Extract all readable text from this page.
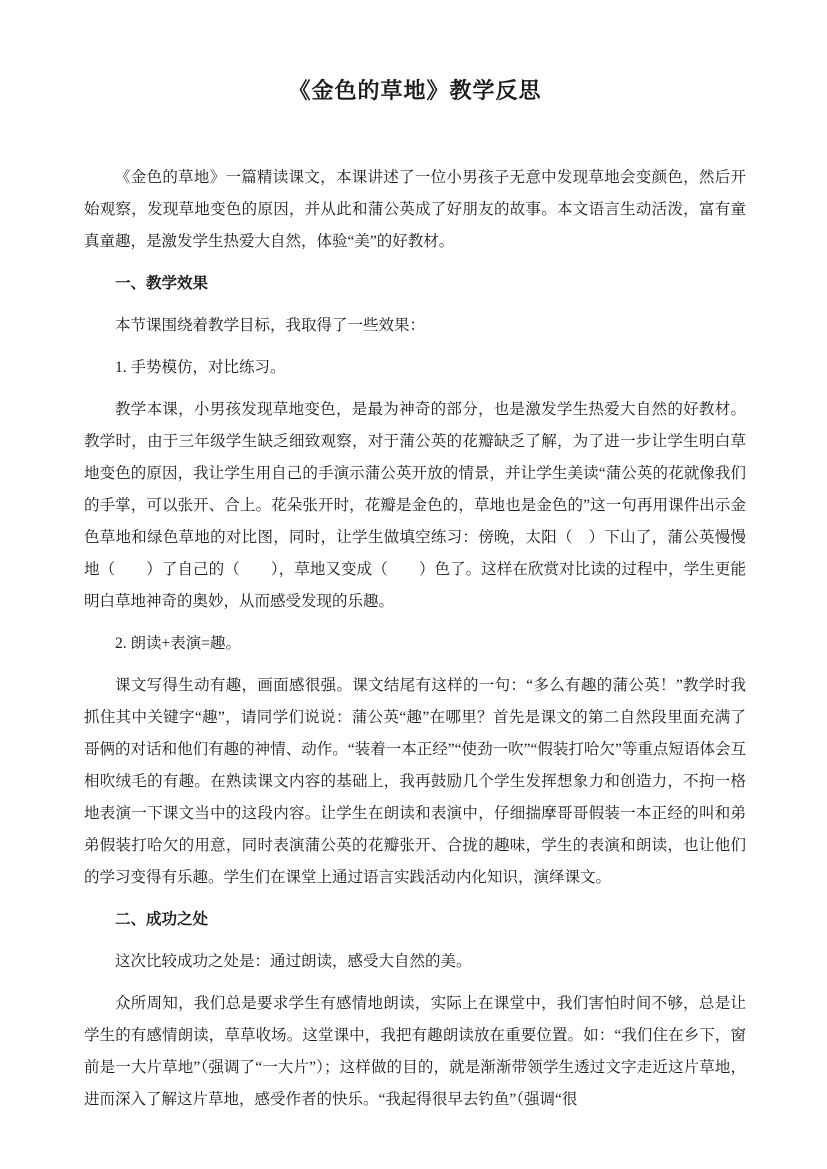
《金色的草地》教学反思

《金色的草地》一篇精读课文，本课讲述了一位小男孩子无意中发现草地会变颜色，然后开始观察，发现草地变色的原因，并从此和蒲公英成了好朋友的故事。本文语言生动活泼，富有童真童趣，是激发学生热爱大自然，体验“美”的好教材。

一、教学效果

本节课围绕着教学目标，我取得了一些效果：

1. 手势模仿，对比练习。

教学本课，小男孩发现草地变色，是最为神奇的部分，也是激发学生热爱大自然的好教材。教学时，由于三年级学生缺乏细致观察，对于蒲公英的花瓣缺乏了解，为了进一步让学生明白草地变色的原因，我让学生用自己的手演示蒲公英开放的情景，并让学生美读“蒲公英的花就像我们的手掌，可以张开、合上。花朵张开时，花瓣是金色的，草地也是金色的”这一句再用课件出示金色草地和绿色草地的对比图，同时，让学生做填空练习：傍晚，太阳（　）下山了，蒲公英慢慢地（　　）了自己的（　　），草地又变成（　　）色了。这样在欣赏对比读的过程中，学生更能明白草地神奇的奥妙，从而感受发现的乐趣。

2. 朗读+表演=趣。

课文写得生动有趣，画面感很强。课文结尾有这样的一句：“多么有趣的蒲公英！”教学时我抓住其中关键字“趣”，请同学们说说：蒲公英“趣”在哪里？首先是课文的第二自然段里面充满了哥俩的对话和他们有趣的神情、动作。“装着一本正经”“使劲一吹”“假装打哈欠”等重点短语体会互相吹绒毛的有趣。在熟读课文内容的基础上，我再鼓励几个学生发挥想象力和创造力，不拘一格地表演一下课文当中的这段内容。让学生在朗读和表演中，仔细揣摩哥哥假装一本正经的叫和弟弟假装打哈欠的用意，同时表演蒲公英的花瓣张开、合拢的趣味，学生的表演和朗读，也让他们的学习变得有乐趣。学生们在课堂上通过语言实践活动内化知识，演绎课文。

二、成功之处

这次比较成功之处是：通过朗读，感受大自然的美。

众所周知，我们总是要求学生有感情地朗读，实际上在课堂中，我们害怕时间不够，总是让学生的有感情朗读，草草收场。这堂课中，我把有趣朗读放在重要位置。如：“我们住在乡下，窗前是一大片草地”（强调了“一大片”）；这样做的目的，就是渐渐带领学生透过文字走近这片草地，进而深入了解这片草地，感受作者的快乐。“我起得很早去钓鱼”（强调“很
